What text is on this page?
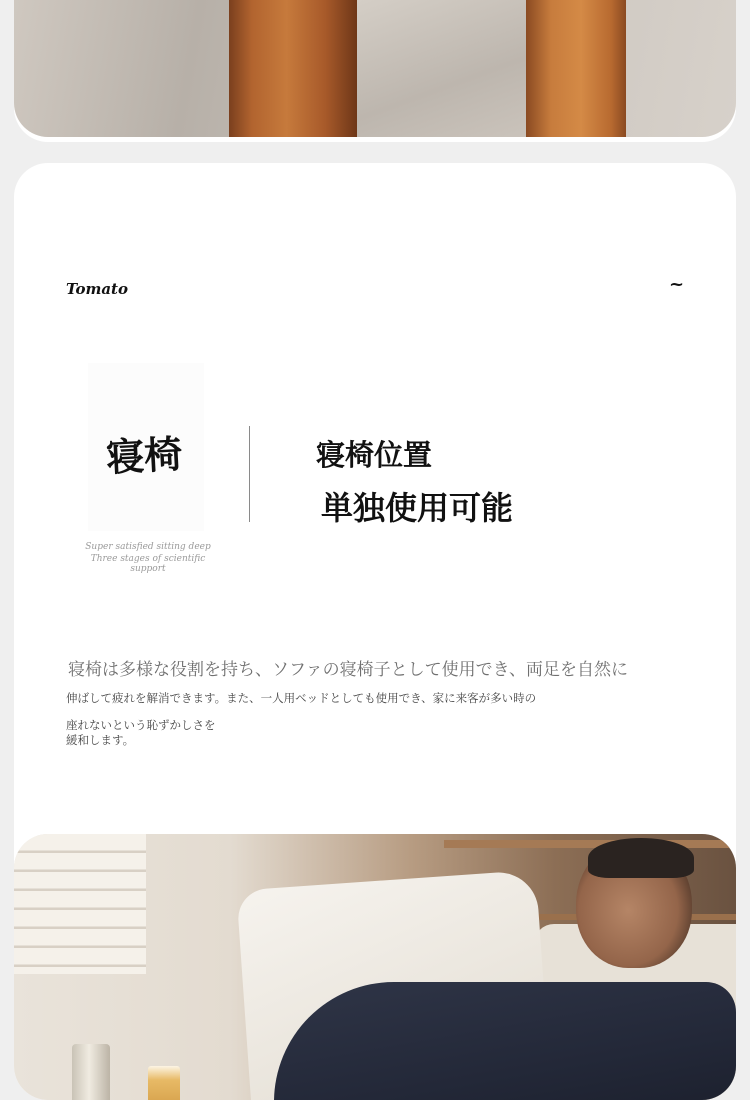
Tomato	~
寝椅
Super satisfied sitting deep
Three stages of scientific support
寝椅位置
単独使用可能
寝椅は多様な役割を持ち、ソファの寝椅子として使用でき、両足を自然に
伸ばして疲れを解消できます。また、一人用ベッドとしても使用でき、家に来客が多い時の
座れないという恥ずかしさを
緩和します。
